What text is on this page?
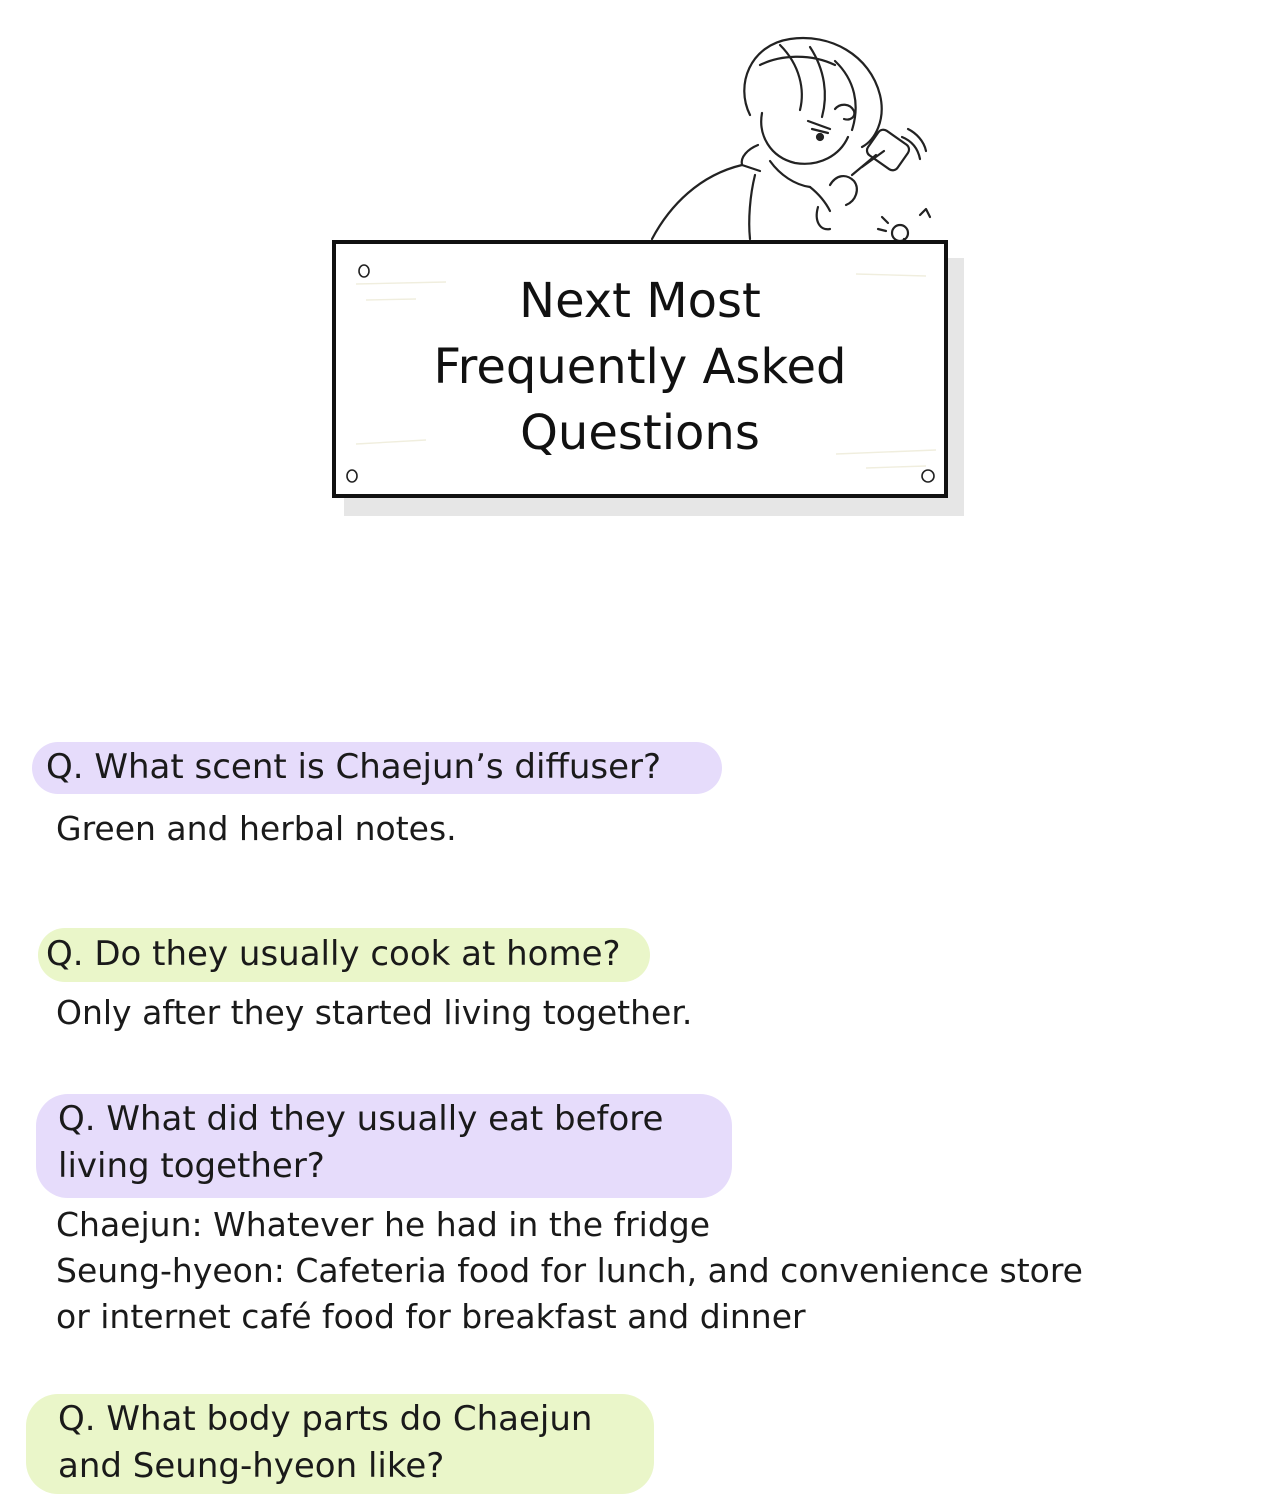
Next Most
Frequently Asked
Questions
Q. What scent is Chaejun’s diffuser?
Green and herbal notes.
Q. Do they usually cook at home?
Only after they started living together.
Q. What did they usually eat before
living together?
Chaejun: Whatever he had in the fridge
Seung-hyeon: Cafeteria food for lunch, and convenience store
or internet café food for breakfast and dinner
Q. What body parts do Chaejun
and Seung-hyeon like?
